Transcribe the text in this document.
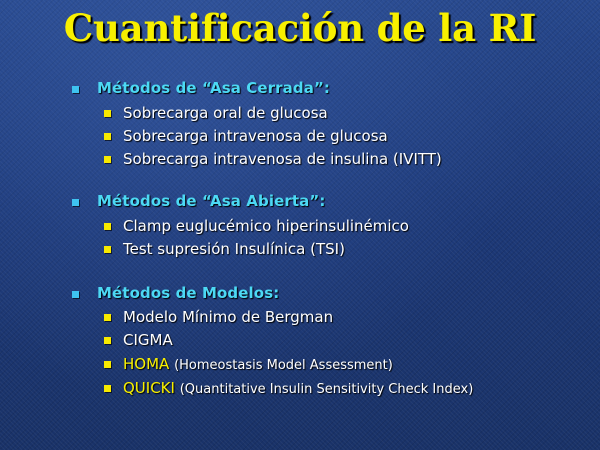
Cuantificación de la RI
Métodos de “Asa Cerrada”:
Sobrecarga oral de glucosa
Sobrecarga intravenosa de glucosa
Sobrecarga intravenosa de insulina (IVITT)
Métodos de “Asa Abierta”:
Clamp euglucémico hiperinsulinémico
Test supresión Insulínica (TSI)
Métodos de Modelos:
Modelo Mínimo de Bergman
CIGMA
HOMA (Homeostasis Model Assessment)
QUICKI (Quantitative Insulin Sensitivity Check Index)
